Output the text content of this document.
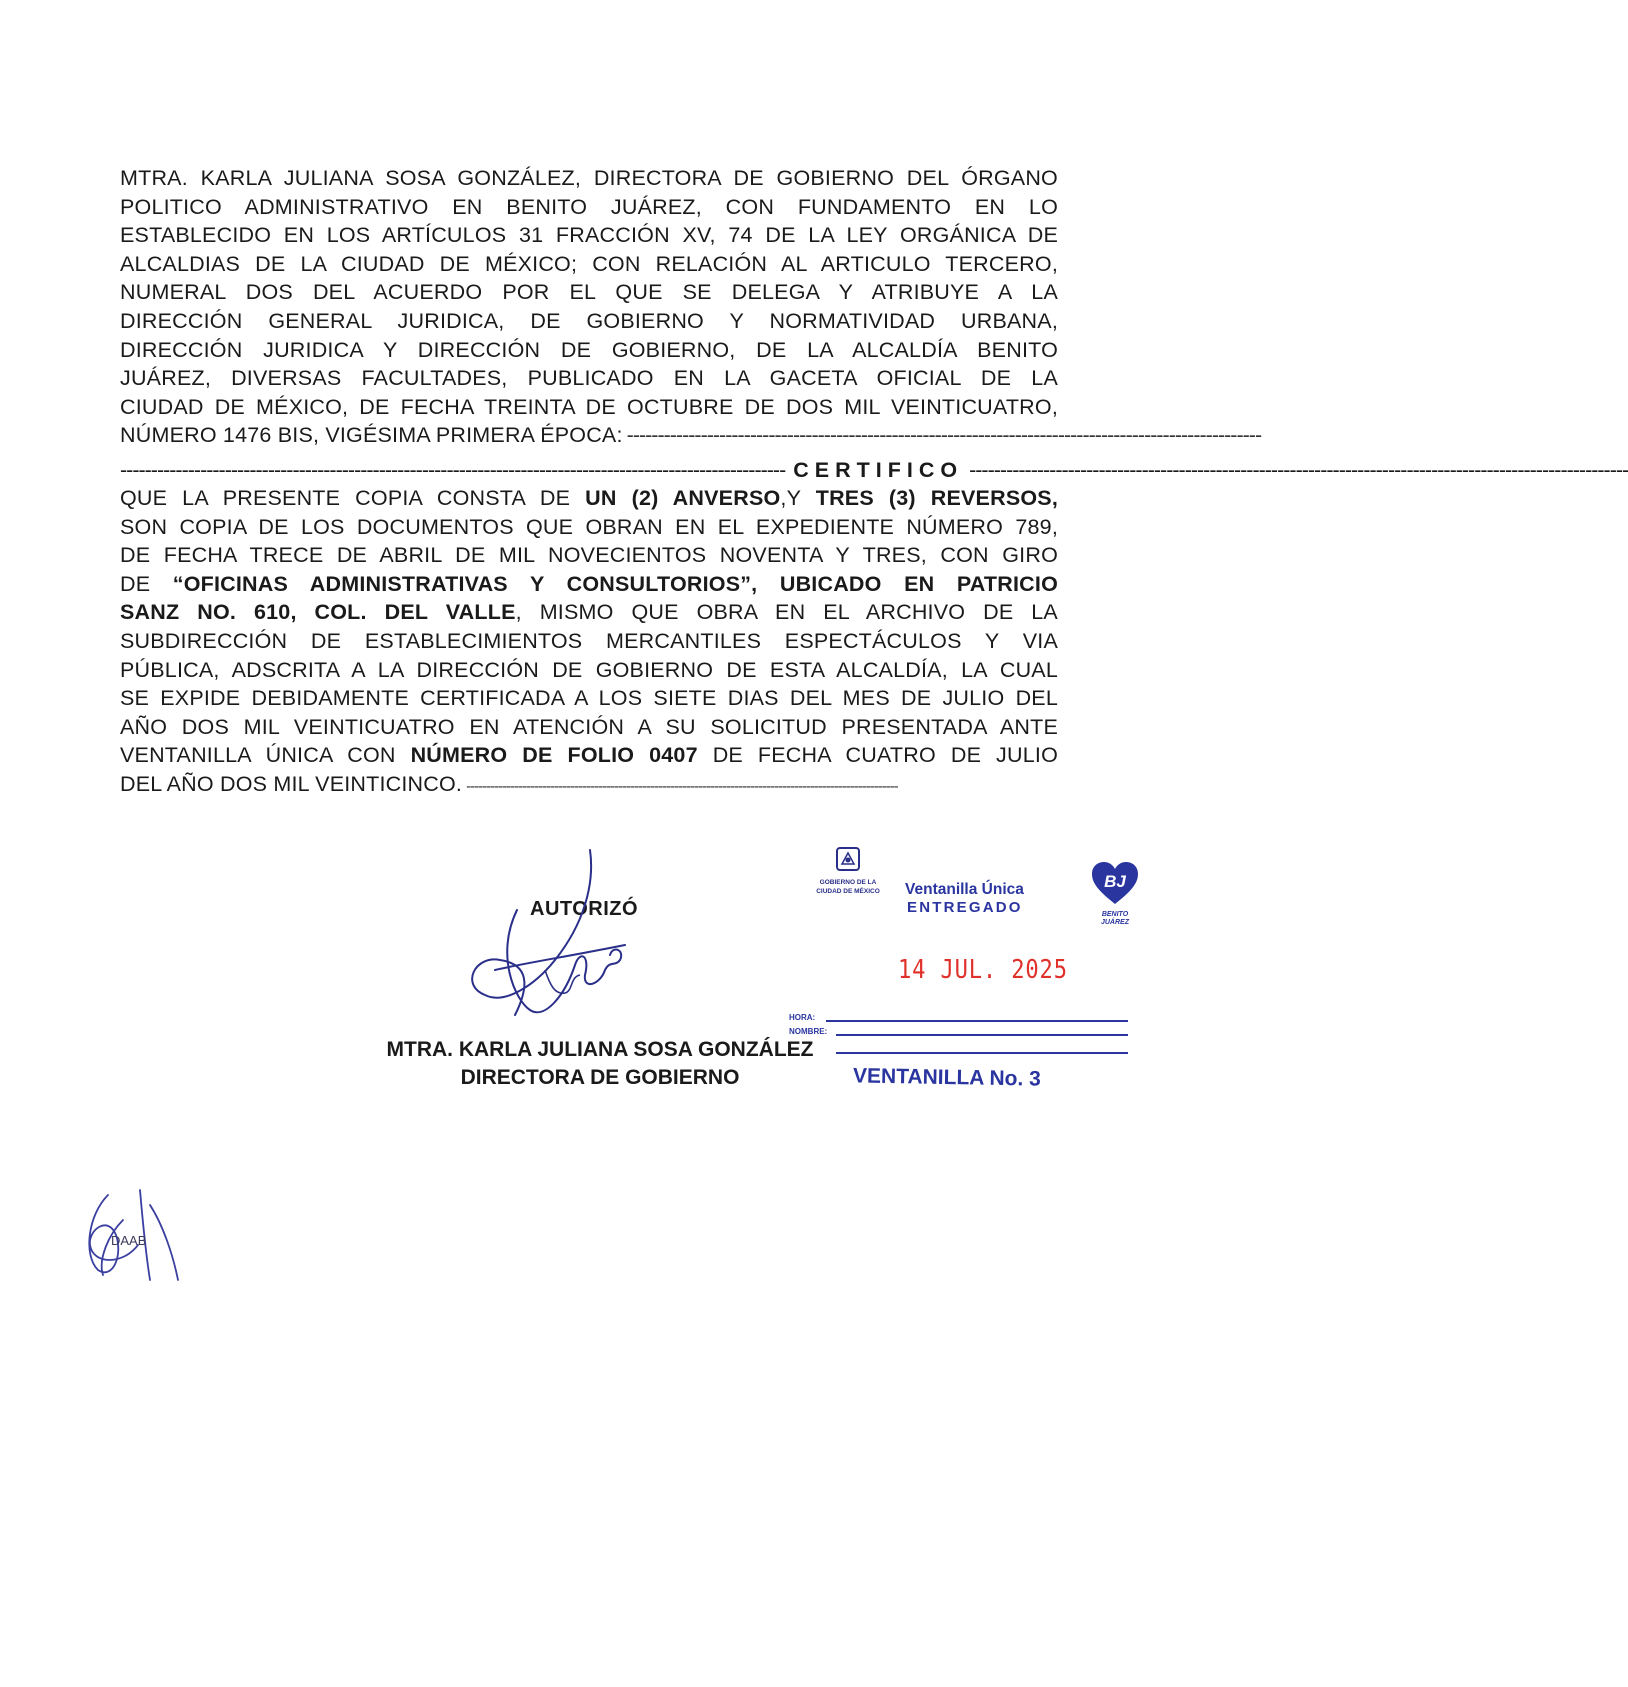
MTRA. KARLA JULIANA SOSA GONZÁLEZ, DIRECTORA DE GOBIERNO DEL ÓRGANO
POLITICO ADMINISTRATIVO EN BENITO JUÁREZ, CON FUNDAMENTO EN LO
ESTABLECIDO EN LOS ARTÍCULOS 31 FRACCIÓN XV, 74 DE LA LEY ORGÁNICA DE
ALCALDIAS DE LA CIUDAD DE MÉXICO; CON RELACIÓN AL ARTICULO TERCERO,
NUMERAL DOS DEL ACUERDO POR EL QUE SE DELEGA Y ATRIBUYE A LA
DIRECCIÓN GENERAL JURIDICA, DE GOBIERNO Y NORMATIVIDAD URBANA,
DIRECCIÓN JURIDICA Y DIRECCIÓN DE GOBIERNO, DE LA ALCALDÍA BENITO
JUÁREZ, DIVERSAS FACULTADES, PUBLICADO EN LA GACETA OFICIAL DE LA
CIUDAD DE MÉXICO, DE FECHA TREINTA DE OCTUBRE DE DOS MIL VEINTICUATRO,
NÚMERO 1476 BIS, VIGÉSIMA PRIMERA ÉPOCA: -------------------------------------------------------------------------------------------------------
------------------------------------------------------------------------------------------------------------ CERTIFICO -----------------------------------------------------------------------------------------------------------
QUE LA PRESENTE COPIA CONSTA DE UN (2) ANVERSO,Y TRES (3) REVERSOS,
SON COPIA DE LOS DOCUMENTOS QUE OBRAN EN EL EXPEDIENTE NÚMERO 789,
DE FECHA TRECE DE ABRIL DE MIL NOVECIENTOS NOVENTA Y TRES, CON GIRO
DE “OFICINAS ADMINISTRATIVAS Y CONSULTORIOS”, UBICADO EN PATRICIO
SANZ NO. 610, COL. DEL VALLE, MISMO QUE OBRA EN EL ARCHIVO DE LA
SUBDIRECCIÓN DE ESTABLECIMIENTOS MERCANTILES ESPECTÁCULOS Y VIA
PÚBLICA, ADSCRITA A LA DIRECCIÓN DE GOBIERNO DE ESTA ALCALDÍA, LA CUAL
SE EXPIDE DEBIDAMENTE CERTIFICADA A LOS SIETE DIAS DEL MES DE JULIO DEL
AÑO DOS MIL VEINTICUATRO EN ATENCIÓN A SU SOLICITUD PRESENTADA ANTE
VENTANILLA ÚNICA CON NÚMERO DE FOLIO 0407 DE FECHA CUATRO DE JULIO
DEL AÑO DOS MIL VEINTICINCO. ------------------------------------------------------------------------------------------------------------
AUTORIZÓ
MTRA. KARLA JULIANA SOSA GONZÁLEZ
DIRECTORA DE GOBIERNO
GOBIERNO DE LA
CIUDAD DE MÉXICO	Ventanilla Única
ENTREGADO
14 JUL. 2025
BJ
BENITO
JUÁREZ
HORA:
NOMBRE:
VENTANILLA No. 3
DAAB
